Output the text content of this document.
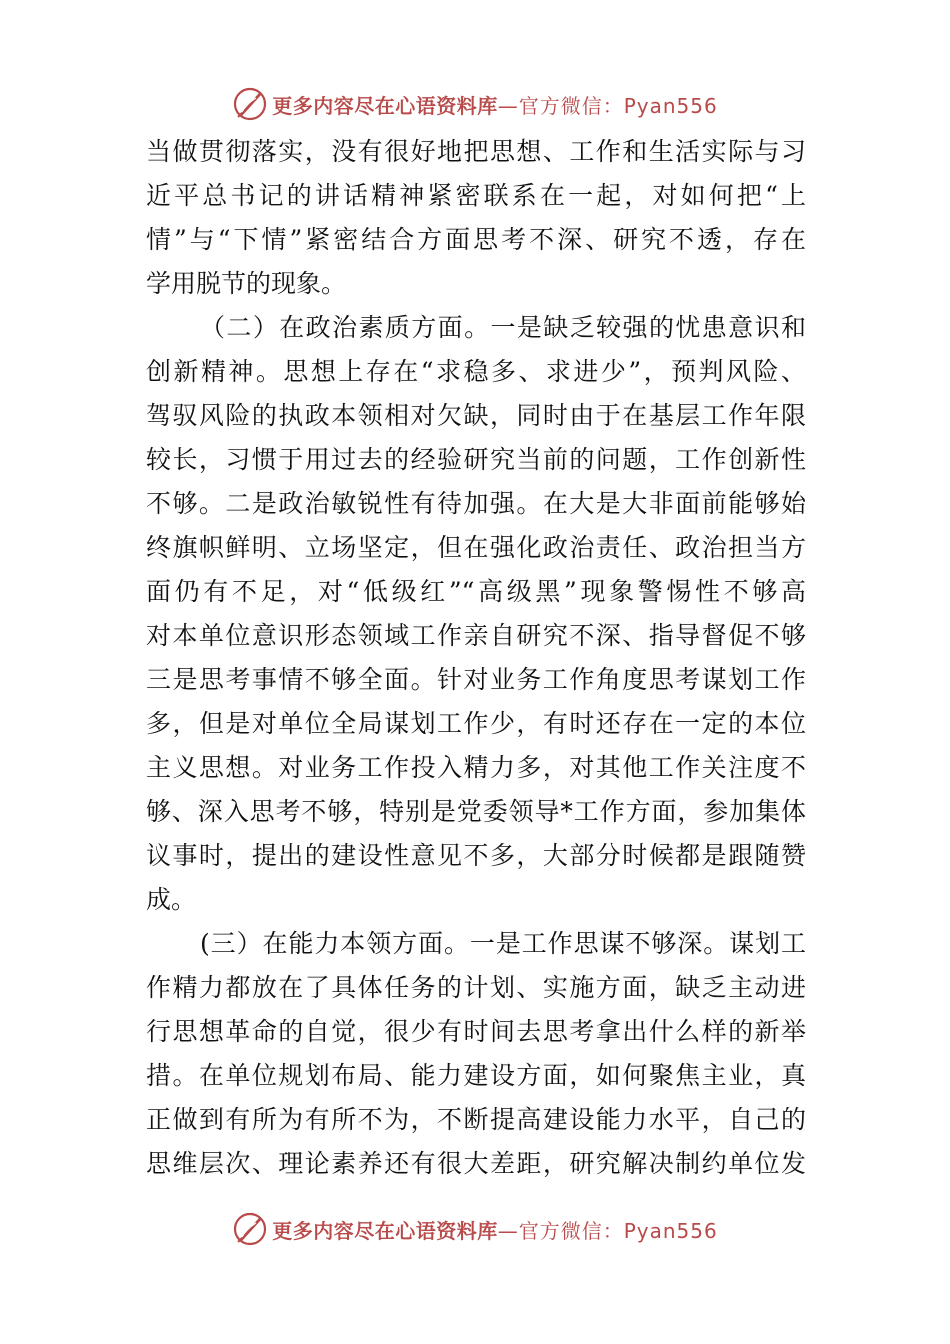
更多内容尽在心语资料库 —官方微信：Pyan556
当做贯彻落实，没有很好地把思想、工作和生活实际与习
近平总书记的讲话精神紧密联系在一起，对如何把“上
情”与“下情”紧密结合方面思考不深、研究不透，存在
学用脱节的现象。
（二）在政治素质方面。一是缺乏较强的忧患意识和
创新精神。思想上存在“求稳多、求进少”，预判风险、
驾驭风险的执政本领相对欠缺，同时由于在基层工作年限
较长，习惯于用过去的经验研究当前的问题，工作创新性
不够。二是政治敏锐性有待加强。在大是大非面前能够始
终旗帜鲜明、立场坚定，但在强化政治责任、政治担当方
面仍有不足，对“低级红”“高级黑”现象警惕性不够高
对本单位意识形态领域工作亲自研究不深、指导督促不够
三是思考事情不够全面。针对业务工作角度思考谋划工作
多，但是对单位全局谋划工作少，有时还存在一定的本位
主义思想。对业务工作投入精力多，对其他工作关注度不
够、深入思考不够，特别是党委领导*工作方面，参加集体
议事时，提出的建设性意见不多，大部分时候都是跟随赞
成。
(三）在能力本领方面。一是工作思谋不够深。谋划工
作精力都放在了具体任务的计划、实施方面，缺乏主动进
行思想革命的自觉，很少有时间去思考拿出什么样的新举
措。在单位规划布局、能力建设方面，如何聚焦主业，真
正做到有所为有所不为，不断提高建设能力水平，自己的
思维层次、理论素养还有很大差距，研究解决制约单位发
更多内容尽在心语资料库 —官方微信：Pyan556
